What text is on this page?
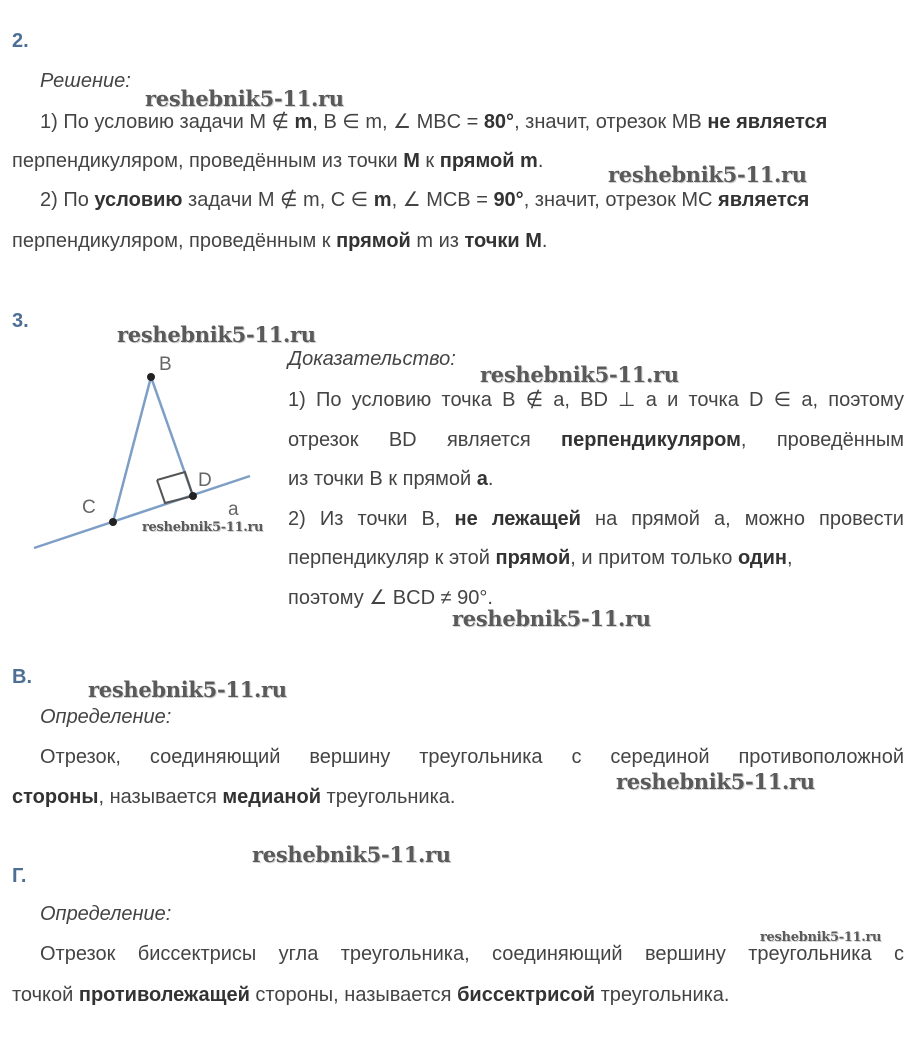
2.
Решение:
1) По условию задачи M ∉ m, B ∈ m, ∠ MBC = 80°, значит, отрезок MB не является
перпендикуляром, проведённым из точки M к прямой m.
2) По условию задачи M ∉ m, C ∈ m, ∠ MCB = 90°, значит, отрезок MC является
перпендикуляром, проведённым к прямой m из точки M.
3.
B
C
D
a
Доказательство:
1) По условию точка B ∉ a, BD ⊥ a и точка D ∈ a, поэтому
отрезок BD является перпендикуляром, проведённым
из точки B к прямой a.
2) Из точки B, не лежащей на прямой a, можно провести
перпендикуляр к этой прямой, и притом только один,
поэтому ∠ BCD ≠ 90°.
В.
Определение:
Отрезок, соединяющий вершину треугольника с серединой противоположной
стороны, называется медианой треугольника.
Г.
Определение:
Отрезок биссектрисы угла треугольника, соединяющий вершину треугольника с
точкой противолежащей стороны, называется биссектрисой треугольника.
reshebnik5-11.ru
reshebnik5-11.ru
reshebnik5-11.ru
reshebnik5-11.ru
reshebnik5-11.ru
reshebnik5-11.ru
reshebnik5-11.ru
reshebnik5-11.ru
reshebnik5-11.ru
reshebnik5-11.ru
